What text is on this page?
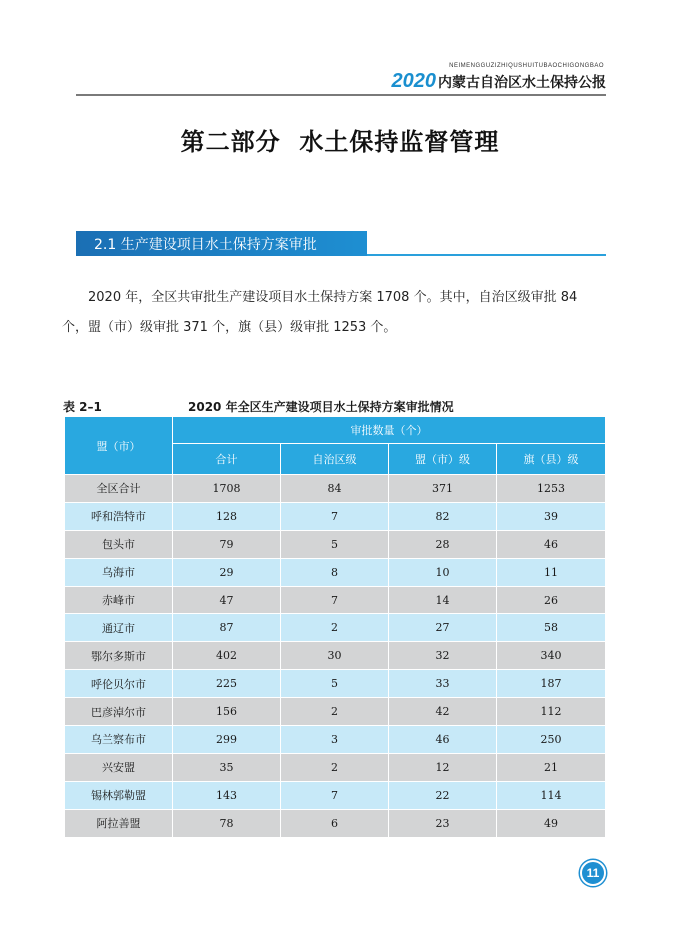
NEIMENGGUZIZHIQUSHUITUBAOCHIGONGBAO
2020 内蒙古自治区水土保持公报
第二部分  水土保持监督管理
2.1 生产建设项目水土保持方案审批
2020 年，全区共审批生产建设项目水土保持方案 1708 个。其中，自治区级审批 84 个，盟（市）级审批 371 个，旗（县）级审批 1253 个。
表 2–1	2020 年全区生产建设项目水土保持方案审批情况
盟（市）	审批数量（个）			
	合计	自治区级	盟（市）级	旗（县）级
全区合计	1708	84	371	1253
呼和浩特市	128	7	82	39
包头市	79	5	28	46
乌海市	29	8	10	11
赤峰市	47	7	14	26
通辽市	87	2	27	58
鄂尔多斯市	402	30	32	340
呼伦贝尔市	225	5	33	187
巴彦淖尔市	156	2	42	112
乌兰察布市	299	3	46	250
兴安盟	35	2	12	21
锡林郭勒盟	143	7	22	114
阿拉善盟	78	6	23	49
11
